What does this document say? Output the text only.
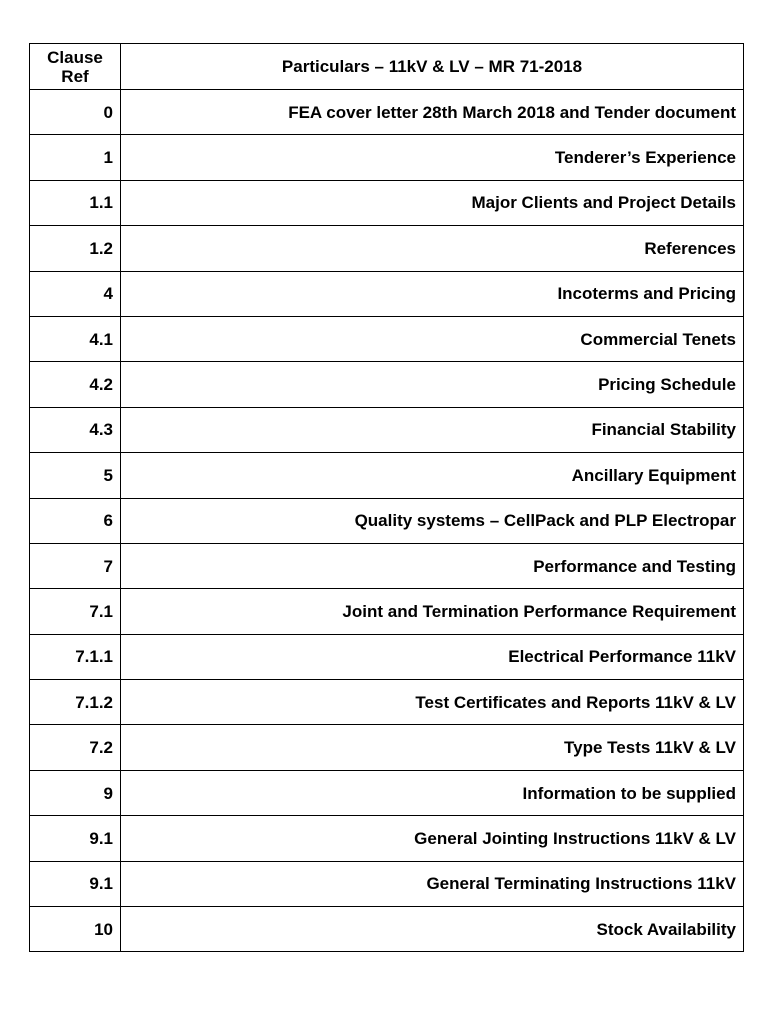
Clause
Ref	Particulars – 11kV & LV – MR 71-2018
0	FEA cover letter 28th March 2018 and Tender document
1	Tenderer’s Experience
1.1	Major Clients and Project Details
1.2	References
4	Incoterms and Pricing
4.1	Commercial Tenets
4.2	Pricing Schedule
4.3	Financial Stability
5	Ancillary Equipment
6	Quality systems – CellPack and PLP Electropar
7	Performance and Testing
7.1	Joint and Termination Performance Requirement
7.1.1	Electrical Performance 11kV
7.1.2	Test Certificates and Reports 11kV & LV
7.2	Type Tests 11kV & LV
9	Information to be supplied
9.1	General Jointing Instructions 11kV & LV
9.1	General Terminating Instructions 11kV
10	Stock Availability
